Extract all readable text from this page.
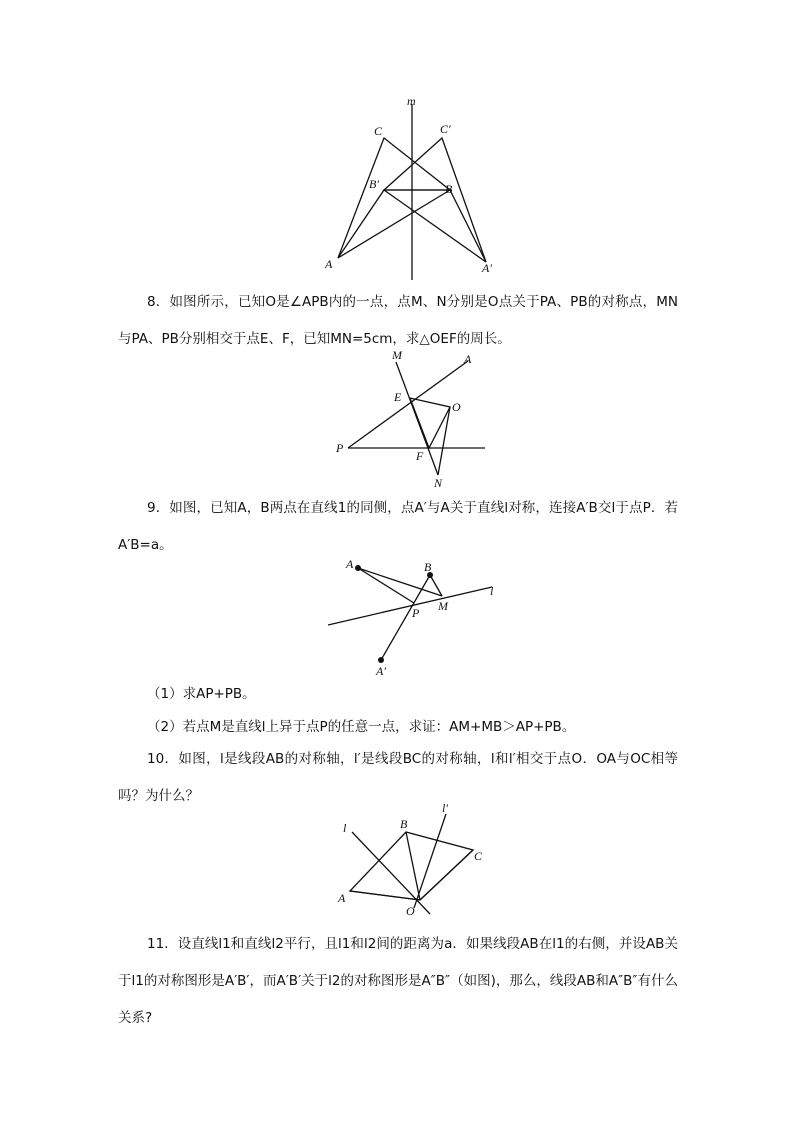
m
C	C′
B′	B
A	A′

8．如图所示，已知O是∠APB内的一点，点M、N分别是O点关于PA、PB的对称点，MN与PA、PB分别相交于点E、F，已知MN=5cm，求△OEF的周长。

M	A
E
O
P
F
N

9．如图，已知A，B两点在直线1的同侧，点A′与A关于直线l对称，连接A′B交l于点P．若A′B=a。

A	B
l
P M
A′

（1）求AP+PB。

（2）若点M是直线l上异于点P的任意一点，求证：AM+MB＞AP+PB。

10．如图，l是线段AB的对称轴，l′是线段BC的对称轴，l和l′相交于点O．OA与OC相等吗？为什么？

l	B
l′
C
A
O

11．设直线l1和直线l2平行，且l1和l2间的距离为a．如果线段AB在l1的右侧，并设AB关于l1的对称图形是A′B′，而A′B′关于l2的对称图形是A″B″（如图)，那么，线段AB和A″B″有什么关系?
